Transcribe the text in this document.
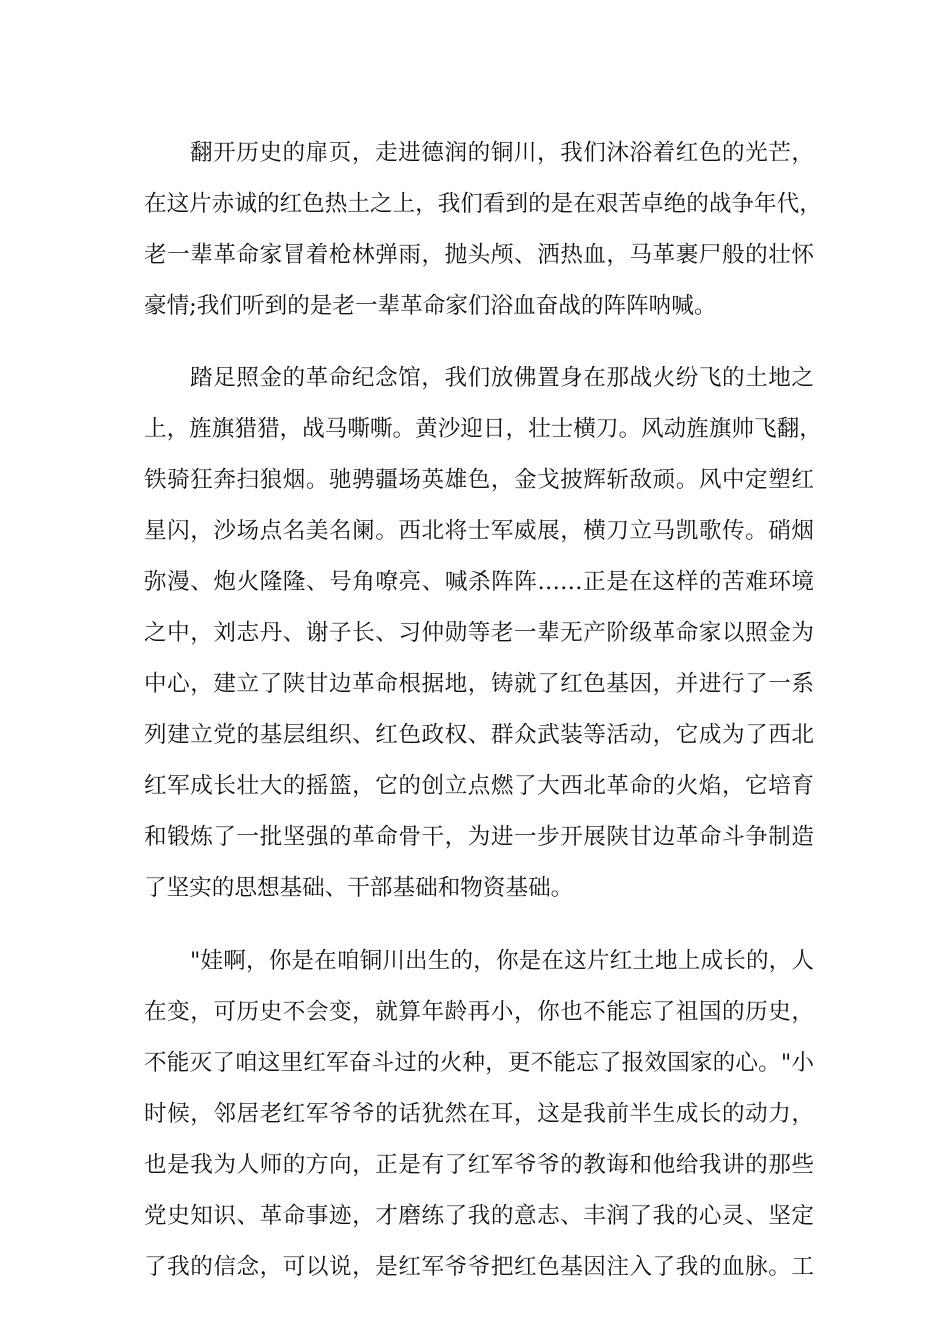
翻开历史的扉页，走进德润的铜川，我们沐浴着红色的光芒，
在这片赤诚的红色热土之上，我们看到的是在艰苦卓绝的战争年代，
老一辈革命家冒着枪林弹雨，抛头颅、洒热血，马革裹尸般的壮怀
豪情;我们听到的是老一辈革命家们浴血奋战的阵阵呐喊。
踏足照金的革命纪念馆，我们放佛置身在那战火纷飞的土地之
上，旌旗猎猎，战马嘶嘶。黄沙迎日，壮士横刀。风动旌旗帅飞翻，
铁骑狂奔扫狼烟。驰骋疆场英雄色，金戈披辉斩敌顽。风中定塑红
星闪，沙场点名美名阑。西北将士军威展，横刀立马凯歌传。硝烟
弥漫、炮火隆隆、号角嘹亮、喊杀阵阵……正是在这样的苦难环境
之中，刘志丹、谢子长、习仲勋等老一辈无产阶级革命家以照金为
中心，建立了陕甘边革命根据地，铸就了红色基因，并进行了一系
列建立党的基层组织、红色政权、群众武装等活动，它成为了西北
红军成长壮大的摇篮，它的创立点燃了大西北革命的火焰，它培育
和锻炼了一批坚强的革命骨干，为进一步开展陕甘边革命斗争制造
了坚实的思想基础、干部基础和物资基础。
"娃啊，你是在咱铜川出生的，你是在这片红土地上成长的，人
在变，可历史不会变，就算年龄再小，你也不能忘了祖国的历史，
不能灭了咱这里红军奋斗过的火种，更不能忘了报效国家的心。"小
时候，邻居老红军爷爷的话犹然在耳，这是我前半生成长的动力，
也是我为人师的方向，正是有了红军爷爷的教诲和他给我讲的那些
党史知识、革命事迹，才磨练了我的意志、丰润了我的心灵、坚定
了我的信念，可以说，是红军爷爷把红色基因注入了我的血脉。工
